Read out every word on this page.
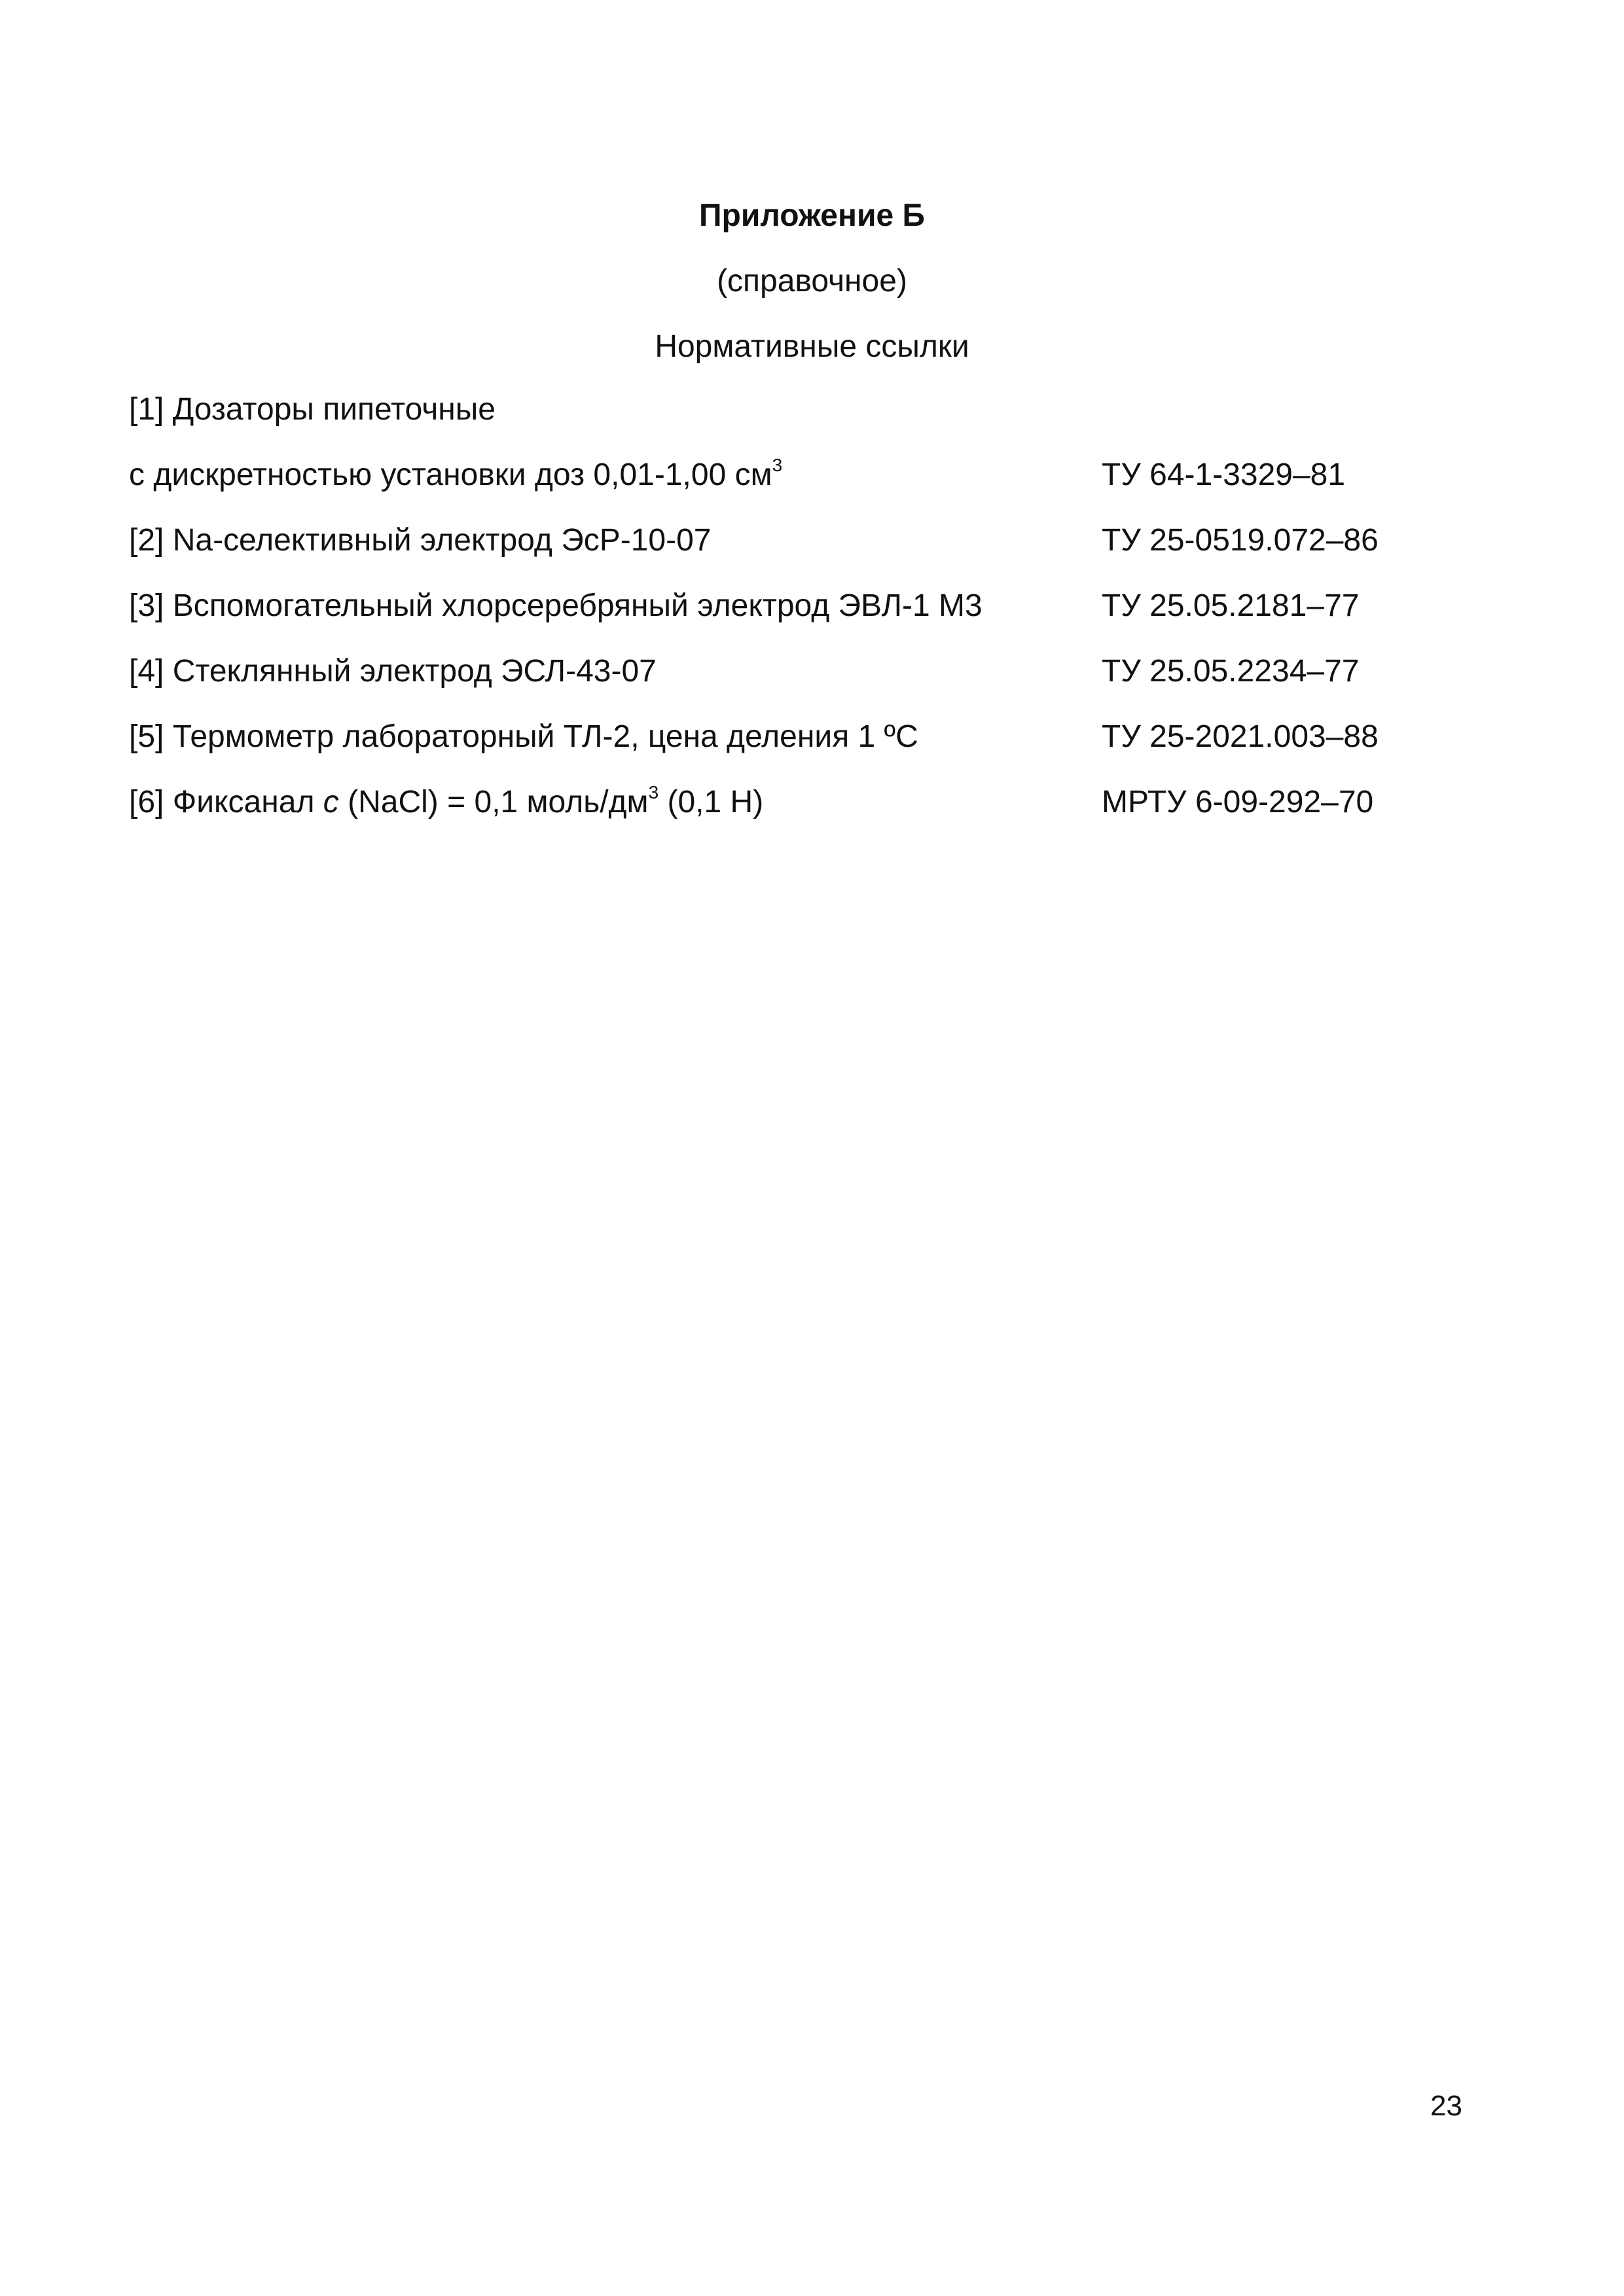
Приложение Б
(справочное)
Нормативные ссылки
[1] Дозаторы пипеточные
с дискретностью установки доз 0,01-1,00 $см^3$	ТУ 64-1-3329–81
[2] Na-селективный электрод ЭсР-10-07	ТУ 25-0519.072–86
[3] Вспомогательный хлорсеребряный электрод ЭВЛ-1 М3	ТУ 25.05.2181–77
[4] Стеклянный электрод ЭСЛ-43-07	ТУ 25.05.2234–77
[5] Термометр лабораторный ТЛ-2, цена деления 1 ºС	ТУ 25-2021.003–88
[6] Фиксанал с (NaCl) = 0,1 моль/$дм^3$ (0,1 Н)	МРТУ 6-09-292–70
23
